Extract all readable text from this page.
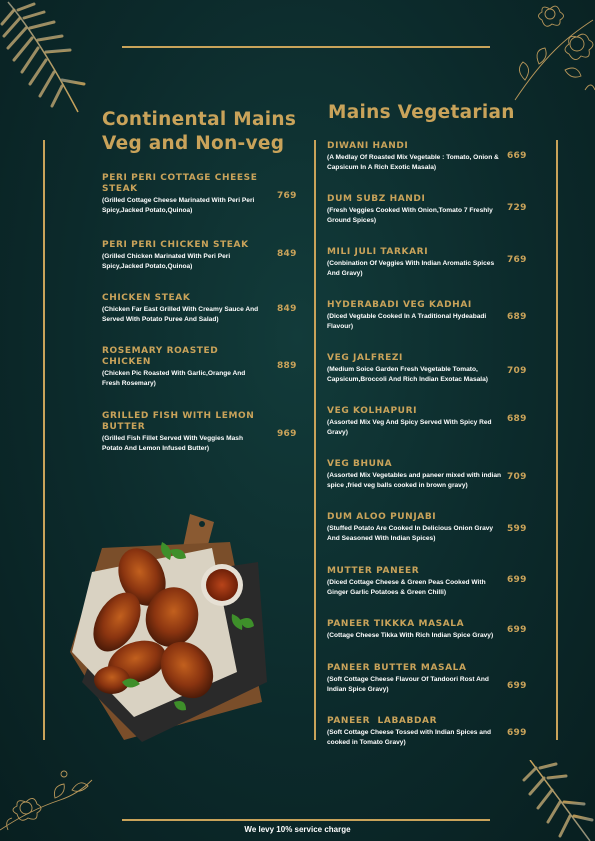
Continental Mains
Veg and Non-veg
PERI PERI COTTAGE CHEESE STEAK
(Grilled Cottage Cheese Marinated With Peri Peri Spicy,Jacked Potato,Quinoa)
769
PERI PERI CHICKEN STEAK
(Grilled Chicken Marinated With Peri Peri Spicy,Jacked Potato,Quinoa)
849
CHICKEN STEAK
(Chicken Far East Grilled With Creamy Sauce And Served With Potato Puree And Salad)
849
ROSEMARY ROASTED CHICKEN
(Chicken Pic Roasted With Garlic,Orange And Fresh Rosemary)
889
GRILLED FISH WITH LEMON BUTTER
(Grilled Fish Fillet Served With Veggies Mash Potato And Lemon Infused Butter)
969
Mains Vegetarian
DIWANI HANDI
(A Medlay Of Roasted Mix Vegetable : Tomato, Onion & Capsicum In A Rich Exotic Masala)
669
DUM SUBZ HANDI
(Fresh Veggies Cooked With Onion,Tomato 7 Freshly Ground Spices)
729
MILI JULI TARKARI
(Conbination Of Veggies With Indian Aromatic Spices And Gravy)
769
HYDERABADI VEG KADHAI
(Diced Vegtable Cooked In A Traditional Hydeabadi Flavour)
689
VEG JALFREZI
(Medium Soice Garden Fresh Vegetable Tomato, Capsicum,Broccoli And Rich Indian Exotac Masala)
709
VEG KOLHAPURI
(Assorted Mix Veg And Spicy Served With Spicy Red Gravy)
689
VEG BHUNA
(Assorted Mix Vegetables and paneer mixed with indian spice ,fried veg balls cooked in brown gravy)
709
DUM ALOO PUNJABI
(Stuffed Potato Are Cooked In Delicious Onion Gravy And Seasoned With Indian Spices)
599
MUTTER PANEER
(Diced Cottage Cheese & Green Peas Cooked With Ginger Garlic Potatoes & Green Chilli)
699
PANEER TIKKKA MASALA
(Cottage Cheese Tikka With Rich Indian Spice Gravy)
699
PANEER BUTTER MASALA
(Soft Cottage Cheese Flavour Of Tandoori Rost And Indian Spice Gravy)	699
PANEER  LABABDAR
(Soft Cottage Cheese Tossed with Indian Spices and cooked in Tomato Gravy)
699
We levy 10% service charge
